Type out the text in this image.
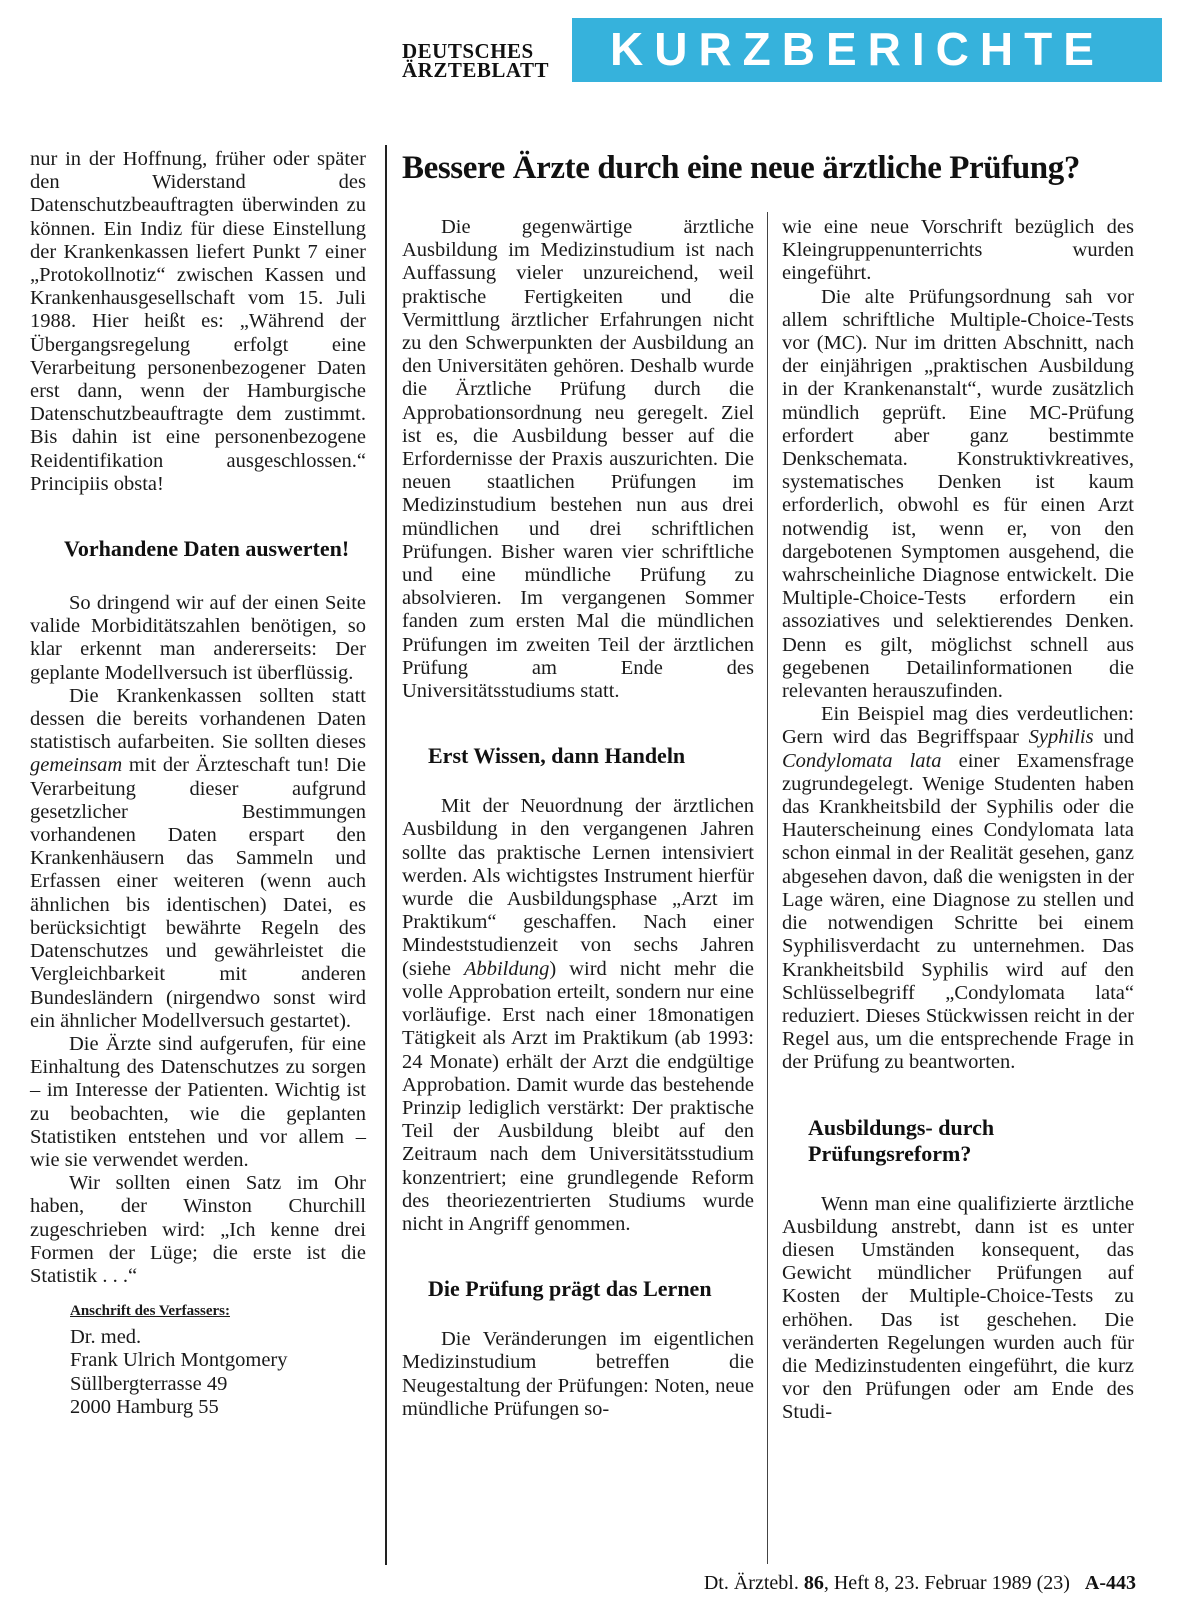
DEUTSCHES
ÄRZTEBLATT	KURZBERICHTE

nur in der Hoffnung, früher oder später den Widerstand des Datenschutzbeauftragten überwinden zu können. Ein Indiz für diese Einstellung der Krankenkassen liefert Punkt 7 einer „Protokollnotiz“ zwischen Kassen und Krankenhausgesellschaft vom 15. Juli 1988. Hier heißt es: „Während der Übergangsregelung erfolgt eine Verarbeitung personenbezogener Daten erst dann, wenn der Hamburgische Datenschutzbeauftragte dem zustimmt. Bis dahin ist eine personenbezogene Reidentifikation ausgeschlossen.“ Principiis obsta!

Vorhandene Daten auswerten!

So dringend wir auf der einen Seite valide Morbiditätszahlen benötigen, so klar erkennt man andererseits: Der geplante Modellversuch ist überflüssig.

Die Krankenkassen sollten statt dessen die bereits vorhandenen Daten statistisch aufarbeiten. Sie sollten dieses gemeinsam mit der Ärzteschaft tun! Die Verarbeitung dieser aufgrund gesetzlicher Bestimmungen vorhandenen Daten erspart den Krankenhäusern das Sammeln und Erfassen einer weiteren (wenn auch ähnlichen bis identischen) Datei, es berücksichtigt bewährte Regeln des Datenschutzes und gewährleistet die Vergleichbarkeit mit anderen Bundesländern (nirgendwo sonst wird ein ähnlicher Modellversuch gestartet).

Die Ärzte sind aufgerufen, für eine Einhaltung des Datenschutzes zu sorgen – im Interesse der Patienten. Wichtig ist zu beobachten, wie die geplanten Statistiken entstehen und vor allem – wie sie verwendet werden.

Wir sollten einen Satz im Ohr haben, der Winston Churchill zugeschrieben wird: „Ich kenne drei Formen der Lüge; die erste ist die Statistik . . .“

Anschrift des Verfassers:
Dr. med.
Frank Ulrich Montgomery
Süllbergterrasse 49
2000 Hamburg 55
Bessere Ärzte durch eine neue ärztliche Prüfung?

Die gegenwärtige ärztliche Ausbildung im Medizinstudium ist nach Auffassung vieler unzureichend, weil praktische Fertigkeiten und die Vermittlung ärztlicher Erfahrungen nicht zu den Schwerpunkten der Ausbildung an den Universitäten gehören. Deshalb wurde die Ärztliche Prüfung durch die Approbationsordnung neu geregelt. Ziel ist es, die Ausbildung besser auf die Erfordernisse der Praxis auszurichten. Die neuen staatlichen Prüfungen im Medizinstudium bestehen nun aus drei mündlichen und drei schriftlichen Prüfungen. Bisher waren vier schriftliche und eine mündliche Prüfung zu absolvieren. Im vergangenen Sommer fanden zum ersten Mal die mündlichen Prüfungen im zweiten Teil der ärztlichen Prüfung am Ende des Universitätsstudiums statt.

Erst Wissen, dann Handeln

Mit der Neuordnung der ärztlichen Ausbildung in den vergangenen Jahren sollte das praktische Lernen intensiviert werden. Als wichtigstes Instrument hierfür wurde die Ausbildungsphase „Arzt im Praktikum“ geschaffen. Nach einer Mindeststudienzeit von sechs Jahren (siehe Abbildung) wird nicht mehr die volle Approbation erteilt, sondern nur eine vorläufige. Erst nach einer 18monatigen Tätigkeit als Arzt im Praktikum (ab 1993: 24 Monate) erhält der Arzt die endgültige Approbation. Damit wurde das bestehende Prinzip lediglich verstärkt: Der praktische Teil der Ausbildung bleibt auf den Zeitraum nach dem Universitätsstudium konzentriert; eine grundlegende Reform des theoriezentrierten Studiums wurde nicht in Angriff genommen.

Die Prüfung prägt das Lernen

Die Veränderungen im eigentlichen Medizinstudium betreffen die Neugestaltung der Prüfungen: Noten, neue mündliche Prüfungen so-

wie eine neue Vorschrift bezüglich des Kleingruppenunterrichts wurden eingeführt.

Die alte Prüfungsordnung sah vor allem schriftliche Multiple-Choice-Tests vor (MC). Nur im dritten Abschnitt, nach der einjährigen „praktischen Ausbildung in der Krankenanstalt“, wurde zusätzlich mündlich geprüft. Eine MC-Prüfung erfordert aber ganz bestimmte Denkschemata. Konstruktivkreatives, systematisches Denken ist kaum erforderlich, obwohl es für einen Arzt notwendig ist, wenn er, von den dargebotenen Symptomen ausgehend, die wahrscheinliche Diagnose entwickelt. Die Multiple-Choice-Tests erfordern ein assoziatives und selektierendes Denken. Denn es gilt, möglichst schnell aus gegebenen Detailinformationen die relevanten herauszufinden.

Ein Beispiel mag dies verdeutlichen: Gern wird das Begriffspaar Syphilis und Condylomata lata einer Examensfrage zugrundegelegt. Wenige Studenten haben das Krankheitsbild der Syphilis oder die Hauterscheinung eines Condylomata lata schon einmal in der Realität gesehen, ganz abgesehen davon, daß die wenigsten in der Lage wären, eine Diagnose zu stellen und die notwendigen Schritte bei einem Syphilisverdacht zu unternehmen. Das Krankheitsbild Syphilis wird auf den Schlüsselbegriff „Condylomata lata“ reduziert. Dieses Stückwissen reicht in der Regel aus, um die entsprechende Frage in der Prüfung zu beantworten.

Ausbildungs- durch Prüfungsreform?

Wenn man eine qualifizierte ärztliche Ausbildung anstrebt, dann ist es unter diesen Umständen konsequent, das Gewicht mündlicher Prüfungen auf Kosten der Multiple-Choice-Tests zu erhöhen. Das ist geschehen. Die veränderten Regelungen wurden auch für die Medizinstudenten eingeführt, die kurz vor den Prüfungen oder am Ende des Studi-

Dt. Ärztebl. 86, Heft 8, 23. Februar 1989 (23) A-443
